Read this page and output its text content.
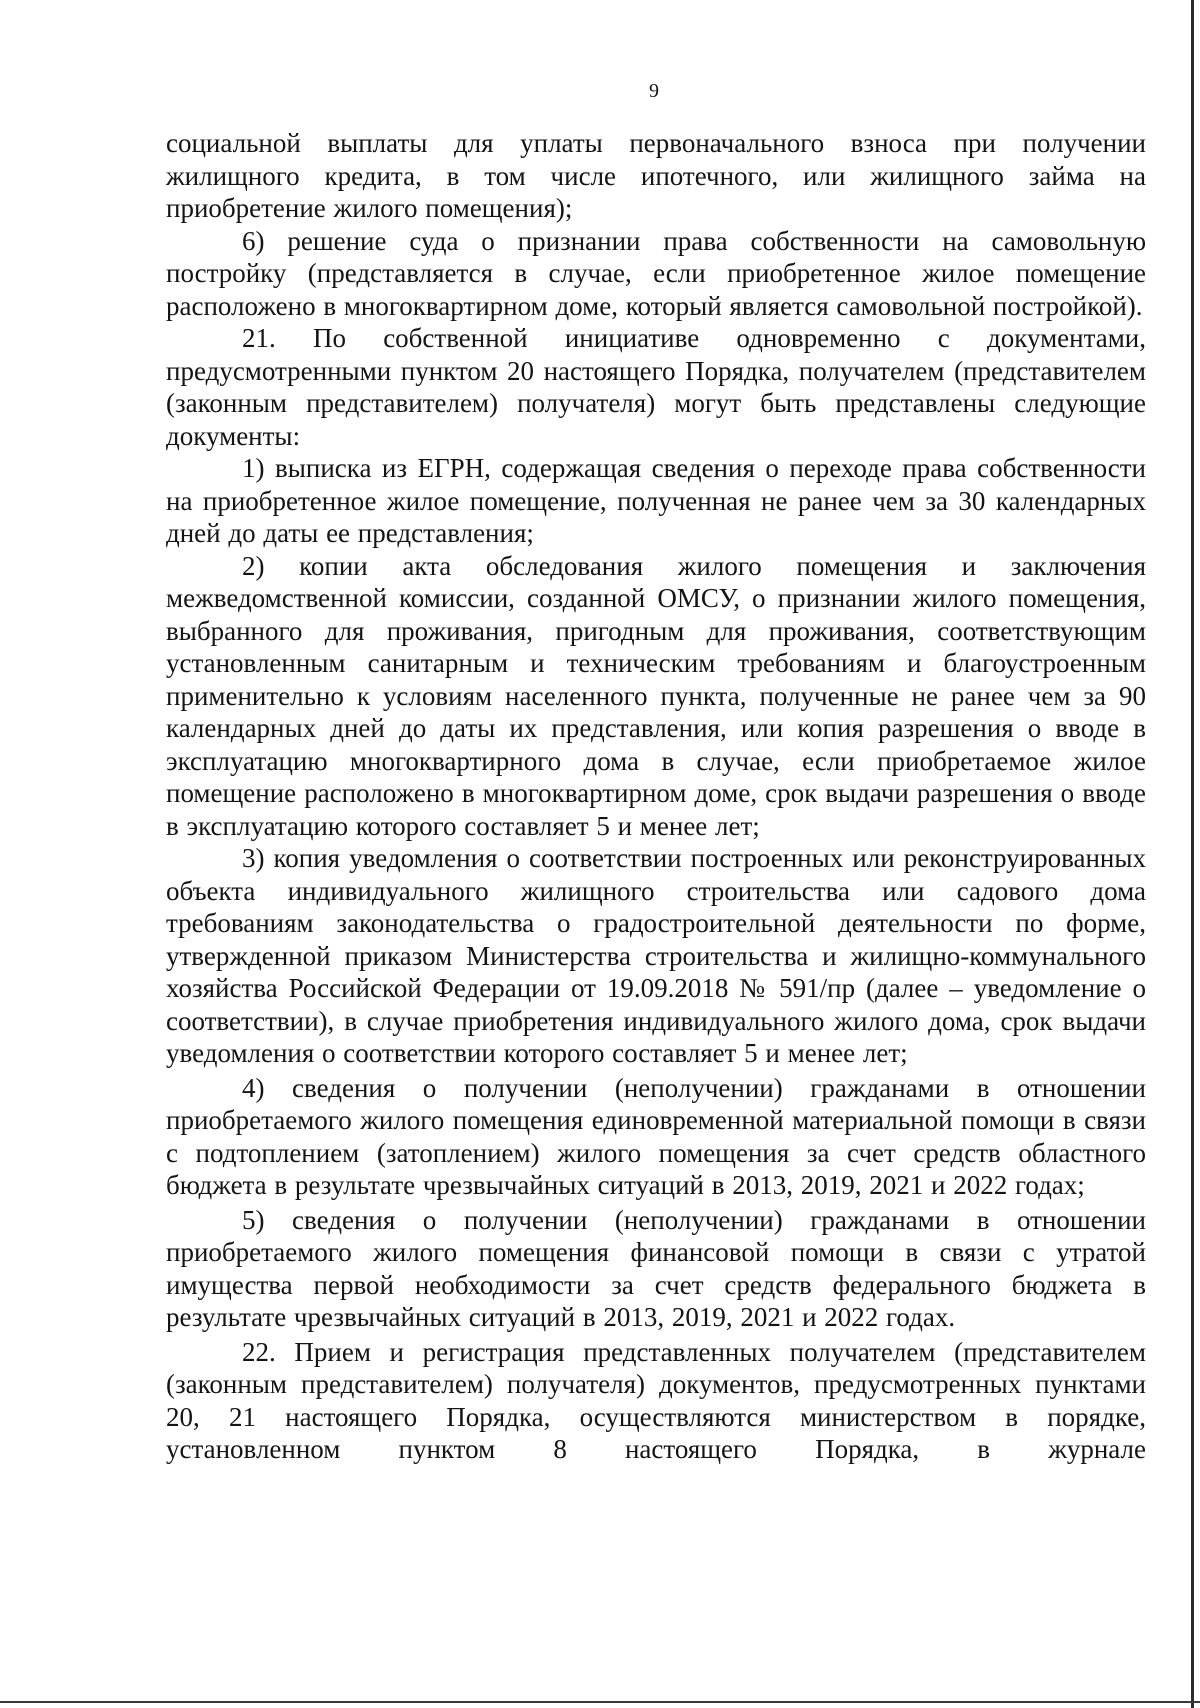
9

социальной выплаты для уплаты первоначального взноса при получении жилищного кредита, в том числе ипотечного, или жилищного займа на приобретение жилого помещения);

6) решение суда о признании права собственности на самовольную постройку (представляется в случае, если приобретенное жилое помещение расположено в многоквартирном доме, который является самовольной постройкой).

21. По собственной инициативе одновременно с документами, предусмотренными пунктом 20 настоящего Порядка, получателем (представителем (законным представителем) получателя) могут быть представлены следующие документы:

1) выписка из ЕГРН, содержащая сведения о переходе права собственности на приобретенное жилое помещение, полученная не ранее чем за 30 календарных дней до даты ее представления;

2) копии акта обследования жилого помещения и заключения межведомственной комиссии, созданной ОМСУ, о признании жилого помещения, выбранного для проживания, пригодным для проживания, соответствующим установленным санитарным и техническим требованиям и благоустроенным применительно к условиям населенного пункта, полученные не ранее чем за 90 календарных дней до даты их представления, или копия разрешения о вводе в эксплуатацию многоквартирного дома в случае, если приобретаемое жилое помещение расположено в многоквартирном доме, срок выдачи разрешения о вводе в эксплуатацию которого составляет 5 и менее лет;

3) копия уведомления о соответствии построенных или реконструированных объекта индивидуального жилищного строительства или садового дома требованиям законодательства о градостроительной деятельности по форме, утвержденной приказом Министерства строительства и жилищно-коммунального хозяйства Российской Федерации от 19.09.2018 № 591/пр (далее – уведомление о соответствии), в случае приобретения индивидуального жилого дома, срок выдачи уведомления о соответствии которого составляет 5 и менее лет;

4) сведения о получении (неполучении) гражданами в отношении приобретаемого жилого помещения единовременной материальной помощи в связи с подтоплением (затоплением) жилого помещения за счет средств областного бюджета в результате чрезвычайных ситуаций в 2013, 2019, 2021 и 2022 годах;

5) сведения о получении (неполучении) гражданами в отношении приобретаемого жилого помещения финансовой помощи в связи с утратой имущества первой необходимости за счет средств федерального бюджета в результате чрезвычайных ситуаций в 2013, 2019, 2021 и 2022 годах.

22. Прием и регистрация представленных получателем (представителем (законным представителем) получателя) документов, предусмотренных пунктами 20, 21 настоящего Порядка, осуществляются министерством в порядке, установленном пунктом 8 настоящего Порядка, в журнале
